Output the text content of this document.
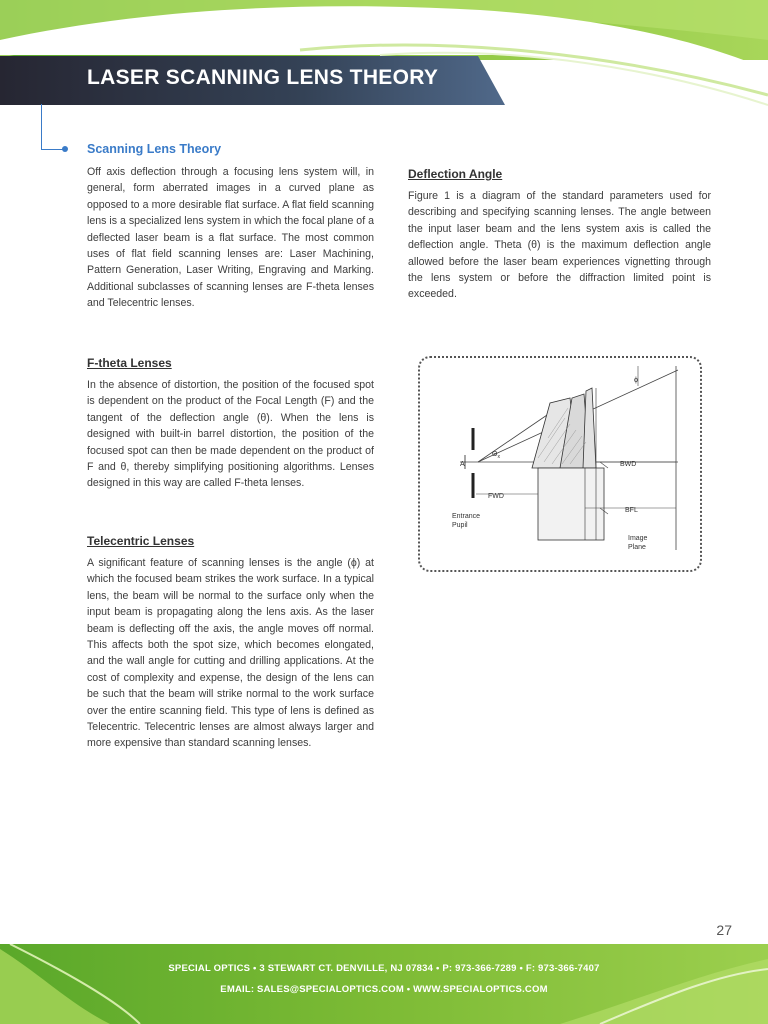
LASER SCANNING LENS THEORY
Scanning Lens Theory
Off axis deflection through a focusing lens system will, in general, form aberrated images in a curved plane as opposed to a more desirable flat surface. A flat field scanning lens is a specialized lens system in which the focal plane of a deflected laser beam is a flat surface. The most common uses of flat field scanning lenses are: Laser Machining, Pattern Generation, Laser Writing, Engraving and Marking. Additional subclasses of scanning lenses are F-theta lenses and Telecentric lenses.
F-theta Lenses
In the absence of distortion, the position of the focused spot is dependent on the product of the Focal Length (F) and the tangent of the deflection angle (θ). When the lens is designed with built-in barrel distortion, the position of the focused spot can then be made dependent on the product of F and θ, thereby simplifying positioning algorithms. Lenses designed in this way are called F-theta lenses.
Telecentric Lenses
A significant feature of scanning lenses is the angle (ϕ) at which the focused beam strikes the work surface. In a typical lens, the beam will be normal to the surface only when the input beam is propagating along the lens axis. As the laser beam is deflecting off the axis, the angle moves off normal. This affects both the spot size, which becomes elongated, and the wall angle for cutting and drilling applications. At the cost of complexity and expense, the design of the lens can be such that the beam will strike normal to the work surface over the entire scanning field. This type of lens is defined as Telecentric. Telecentric lenses are almost always larger and more expensive than standard scanning lenses.
Deflection Angle
Figure 1 is a diagram of the standard parameters used for describing and specifying scanning lenses. The angle between the input laser beam and the lens system axis is called the deflection angle. Theta (θ) is the maximum deflection angle allowed before the laser beam experiences vignetting through the lens system or before the diffraction limited point is exceeded.
ϕ
$\Theta_x$
A	BWD
FWD
BFL
Entrance
Pupil
Image
Plane
27
SPECIAL OPTICS • 3 STEWART CT. DENVILLE, NJ 07834 • P: 973-366-7289 • F: 973-366-7407
EMAIL: SALES@SPECIALOPTICS.COM • WWW.SPECIALOPTICS.COM
